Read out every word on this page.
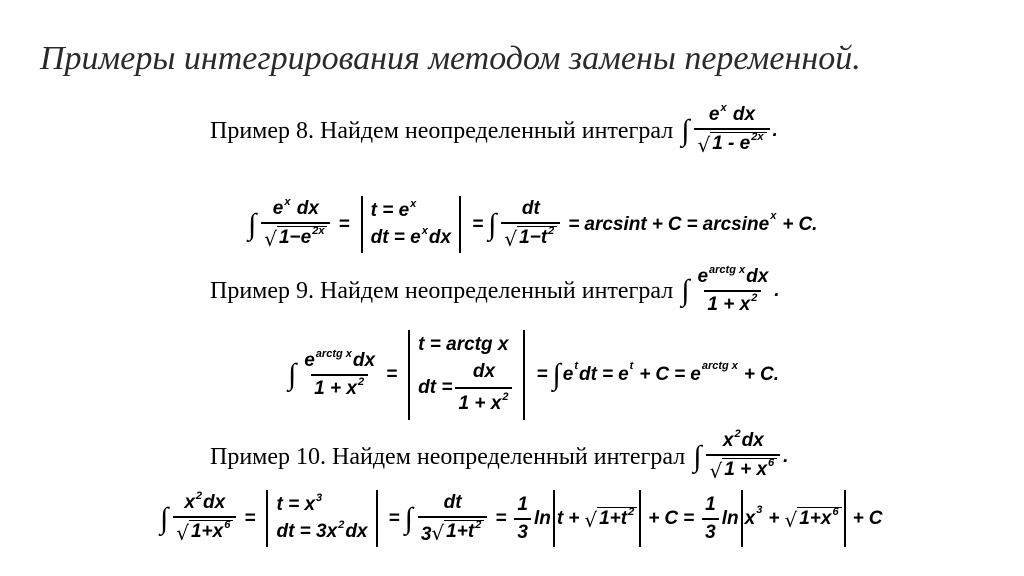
Примеры интегрирования методом замены переменной.
Пример 8. Найдем неопределенный интеграл ∫ $\frac{e^x dx}{√ 1 - e^{2x}}$ .
∫ $\frac{e^x dx}{√ 1-e^{2x}}$ =
$t = e^x$
dt = $e^xdx$
= ∫ $\frac{dt}{√ 1-t^2} = \arcsin t + C = \arcsin e$ x + C .
Пример 9. Найдем неопределенный интеграл ∫ $\frac{e^{arctg x}dx}{1 + x^2}$ .
∫ $\frac{e^{arctg x}dx}{1 + x^2}$ =
t = arctg x
dt = $\frac{dx}{1 + x^2}$ = ∫ e t dt = e t + C = e arctg x + C .
Пример 10. Найдем неопределенный интеграл ∫ $\frac{x^2dx}{√ 1 + x^6}$ .
∫ $\frac{x^2dx}{√ 1+x^6}$ =
$t = x^3$
dt = $3x^2dx$
= ∫ $\frac{dt}{3 √ 1+t^2} = \frac{1}{3}$ ln t + √ $1+t^2 + C = \frac{1}{3}$ ln x 3 + √ $1+x^6 + C$
